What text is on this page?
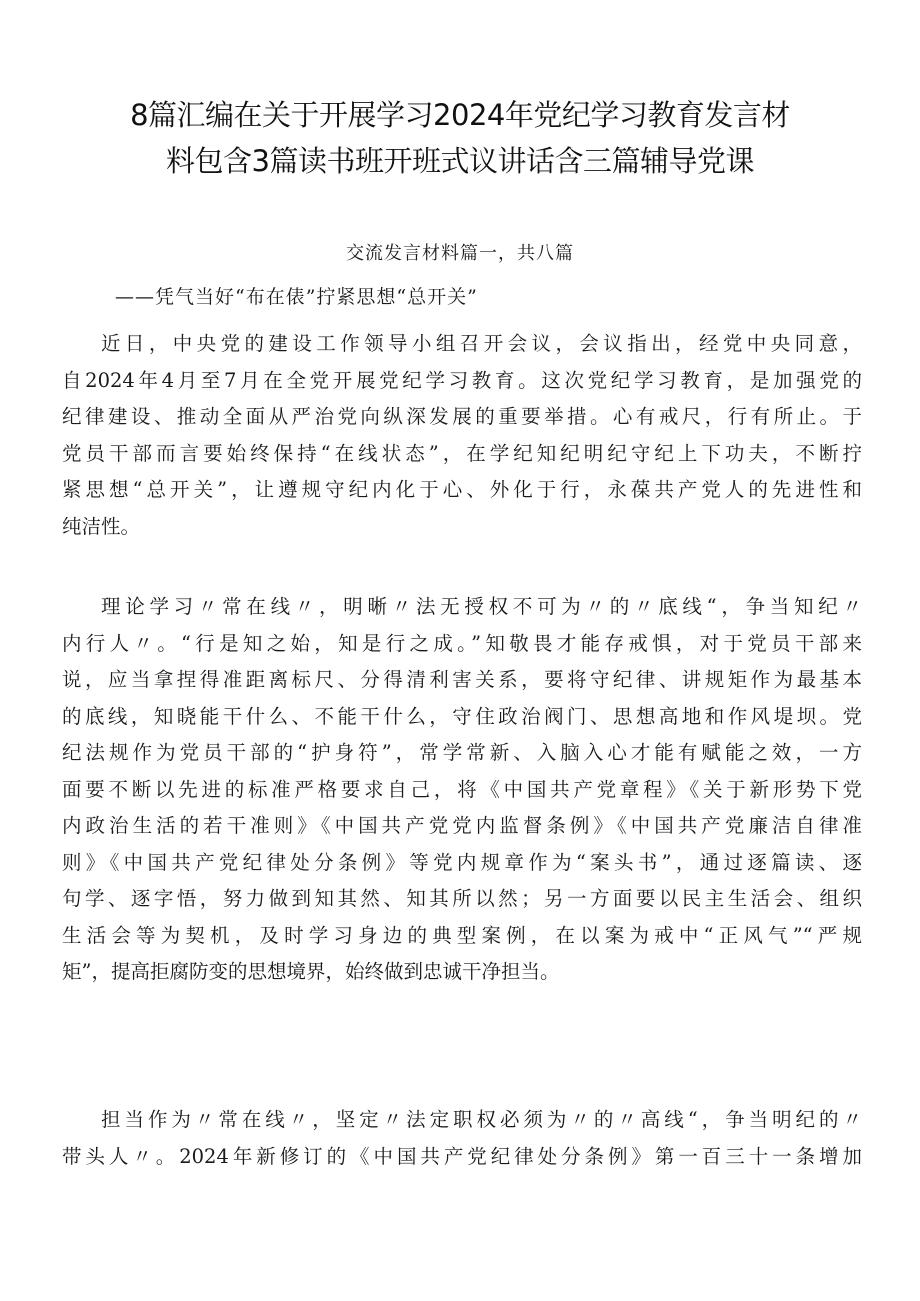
8篇汇编在关于开展学习2024年党纪学习教育发言材
料包含3篇读书班开班式议讲话含三篇辅导党课
交流发言材料篇一，共八篇
——凭气当好“布在俵”拧紧思想“总开关”
近日，中央党的建设工作领导小组召开会议，会议指出，经党中央同意，
自2024年4月至7月在全党开展党纪学习教育。这次党纪学习教育，是加强党的
纪律建设、推动全面从严治党向纵深发展的重要举措。心有戒尺，行有所止。于
党员干部而言要始终保持“在线状态”，在学纪知纪明纪守纪上下功夫，不断拧
紧思想“总开关”，让遵规守纪内化于心、外化于行，永葆共产党人的先进性和
纯洁性。
理论学习〃常在线〃，明晰〃法无授权不可为〃的〃底线“，争当知纪〃
内行人〃。“行是知之始，知是行之成。”知敬畏才能存戒惧，对于党员干部来
说，应当拿捏得准距离标尺、分得清利害关系，要将守纪律、讲规矩作为最基本
的底线，知晓能干什么、不能干什么，守住政治阀门、思想高地和作风堤坝。党
纪法规作为党员干部的“护身符”，常学常新、入脑入心才能有赋能之效，一方
面要不断以先进的标准严格要求自己，将《中国共产党章程》《关于新形势下党
内政治生活的若干准则》《中国共产党党内监督条例》《中国共产党廉洁自律准
则》《中国共产党纪律处分条例》等党内规章作为“案头书”，通过逐篇读、逐
句学、逐字悟，努力做到知其然、知其所以然；另一方面要以民主生活会、组织
生活会等为契机，及时学习身边的典型案例，在以案为戒中“正风气”“严规
矩”，提高拒腐防变的思想境界，始终做到忠诚干净担当。
担当作为〃常在线〃，坚定〃法定职权必须为〃的〃高线“，争当明纪的〃
带头人〃。2024年新修订的《中国共产党纪律处分条例》第一百三十一条增加
